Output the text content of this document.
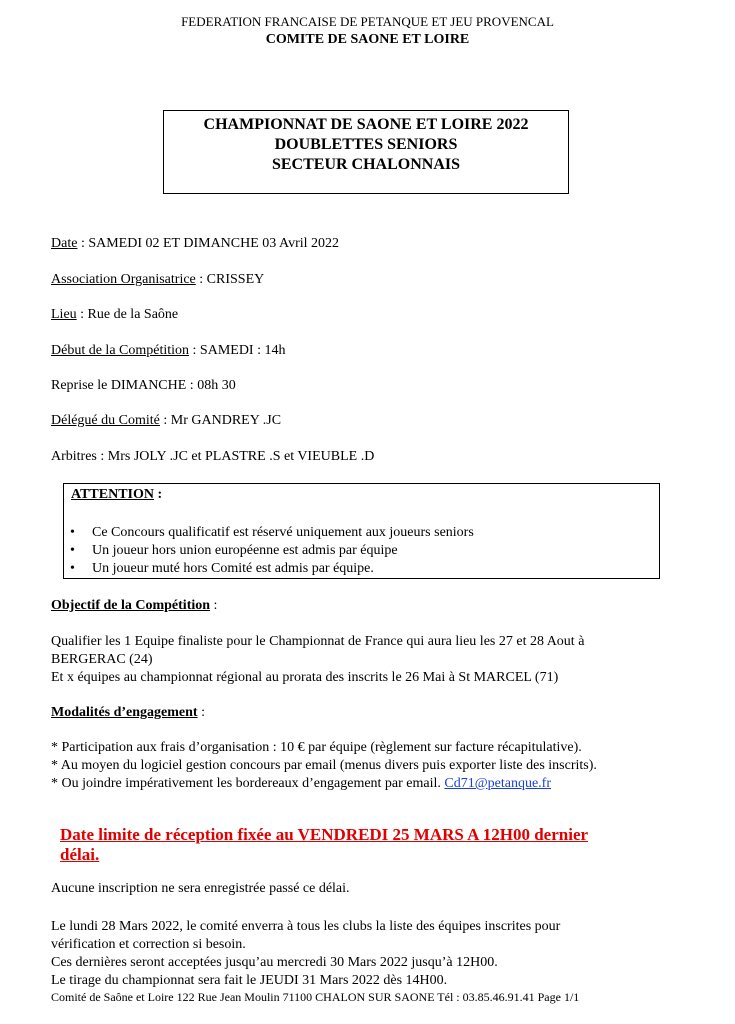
FEDERATION FRANCAISE DE PETANQUE ET JEU PROVENCAL
COMITE DE SAONE ET LOIRE
CHAMPIONNAT DE SAONE ET LOIRE 2022
DOUBLETTES SENIORS
SECTEUR CHALONNAIS
Date : SAMEDI 02 ET DIMANCHE 03 Avril 2022
Association Organisatrice : CRISSEY
Lieu : Rue de la Saône
Début de la Compétition : SAMEDI : 14h
Reprise le DIMANCHE : 08h 30
Délégué du Comité : Mr GANDREY .JC
Arbitres : Mrs JOLY .JC et PLASTRE .S et VIEUBLE .D
ATTENTION :
• Ce Concours qualificatif est réservé uniquement aux joueurs seniors
• Un joueur hors union européenne est admis par équipe
• Un joueur muté hors Comité est admis par équipe.
Objectif de la Compétition :
Qualifier les 1 Equipe finaliste pour le Championnat de France qui aura lieu les 27 et 28 Aout à
BERGERAC (24)
Et x équipes au championnat régional au prorata des inscrits le 26 Mai à St MARCEL (71)
Modalités d’engagement :
* Participation aux frais d’organisation : 10 € par équipe (règlement sur facture récapitulative).
* Au moyen du logiciel gestion concours par email (menus divers puis exporter liste des inscrits).
* Ou joindre impérativement les bordereaux d’engagement par email. Cd71@petanque.fr
Date limite de réception fixée au VENDREDI 25 MARS A 12H00 dernier
délai.
Aucune inscription ne sera enregistrée passé ce délai.
Le lundi 28 Mars 2022, le comité enverra à tous les clubs la liste des équipes inscrites pour
vérification et correction si besoin.
Ces dernières seront acceptées jusqu’au mercredi 30 Mars 2022 jusqu’à 12H00.
Le tirage du championnat sera fait le JEUDI 31 Mars 2022 dès 14H00.
Comité de Saône et Loire 122 Rue Jean Moulin 71100 CHALON SUR SAONE Tél : 03.85.46.91.41 Page 1/1
